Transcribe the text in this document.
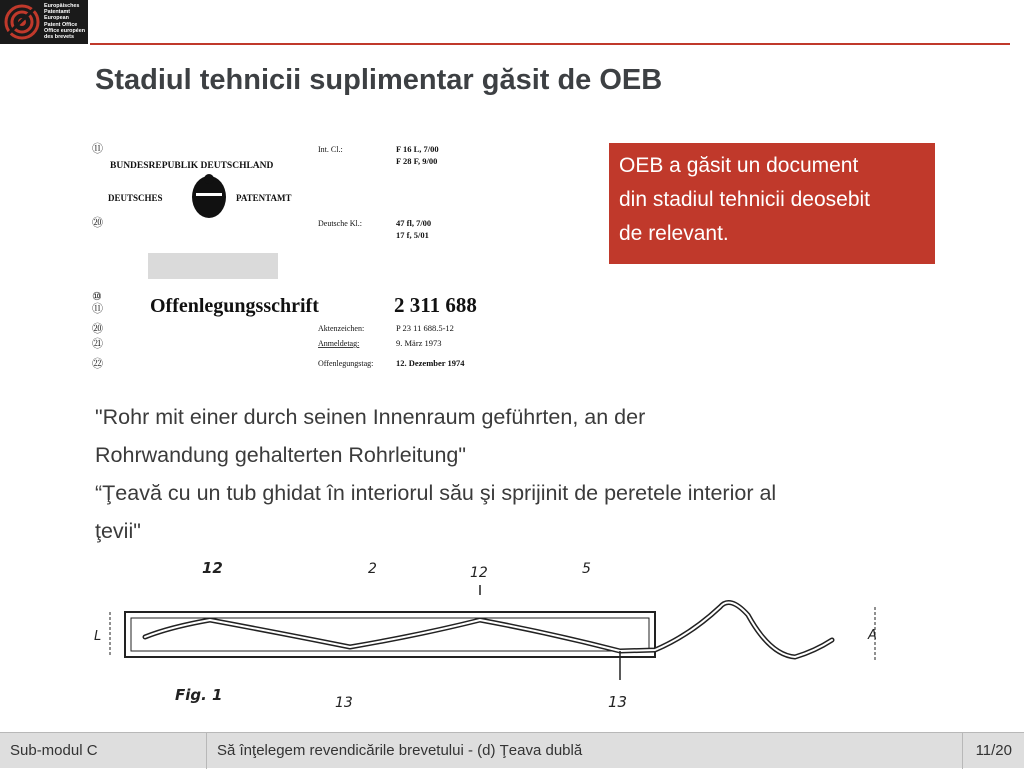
Europäisches
Patentamt
European
Patent Office
Office européen
des brevets
Stadiul tehnicii suplimentar găsit de OEB
⑪
BUNDESREPUBLIK DEUTSCHLAND
DEUTSCHES	PATENTAMT
Int. Cl.:	F 16 L, 7/00
F 28 F, 9/00
⑳	Deutsche Kl.:	47 fl, 7/00
17 f, 5/01
⑩
⑪ Offenlegungsschrift	2 311 688
⑳	Aktenzeichen:	P 23 11 688.5-12
㉑	Anmeldetag:	9. März 1973
㉒	Offenlegungstag:	12. Dezember 1974
OEB a găsit un document
din stadiul tehnicii deosebit
de relevant.
"Rohr mit einer durch seinen Innenraum geführten, an der
Rohrwandung gehalterten Rohrleitung"
“Ţeavă cu un tub ghidat în interiorul său şi sprijinit de peretele interior al
ţevii"
12	2	12	5
L	A
Fig. 1	13	13
Sub-modul C	Să înţelegem revendicările brevetului - (d) Ţeava dublă	11/20
